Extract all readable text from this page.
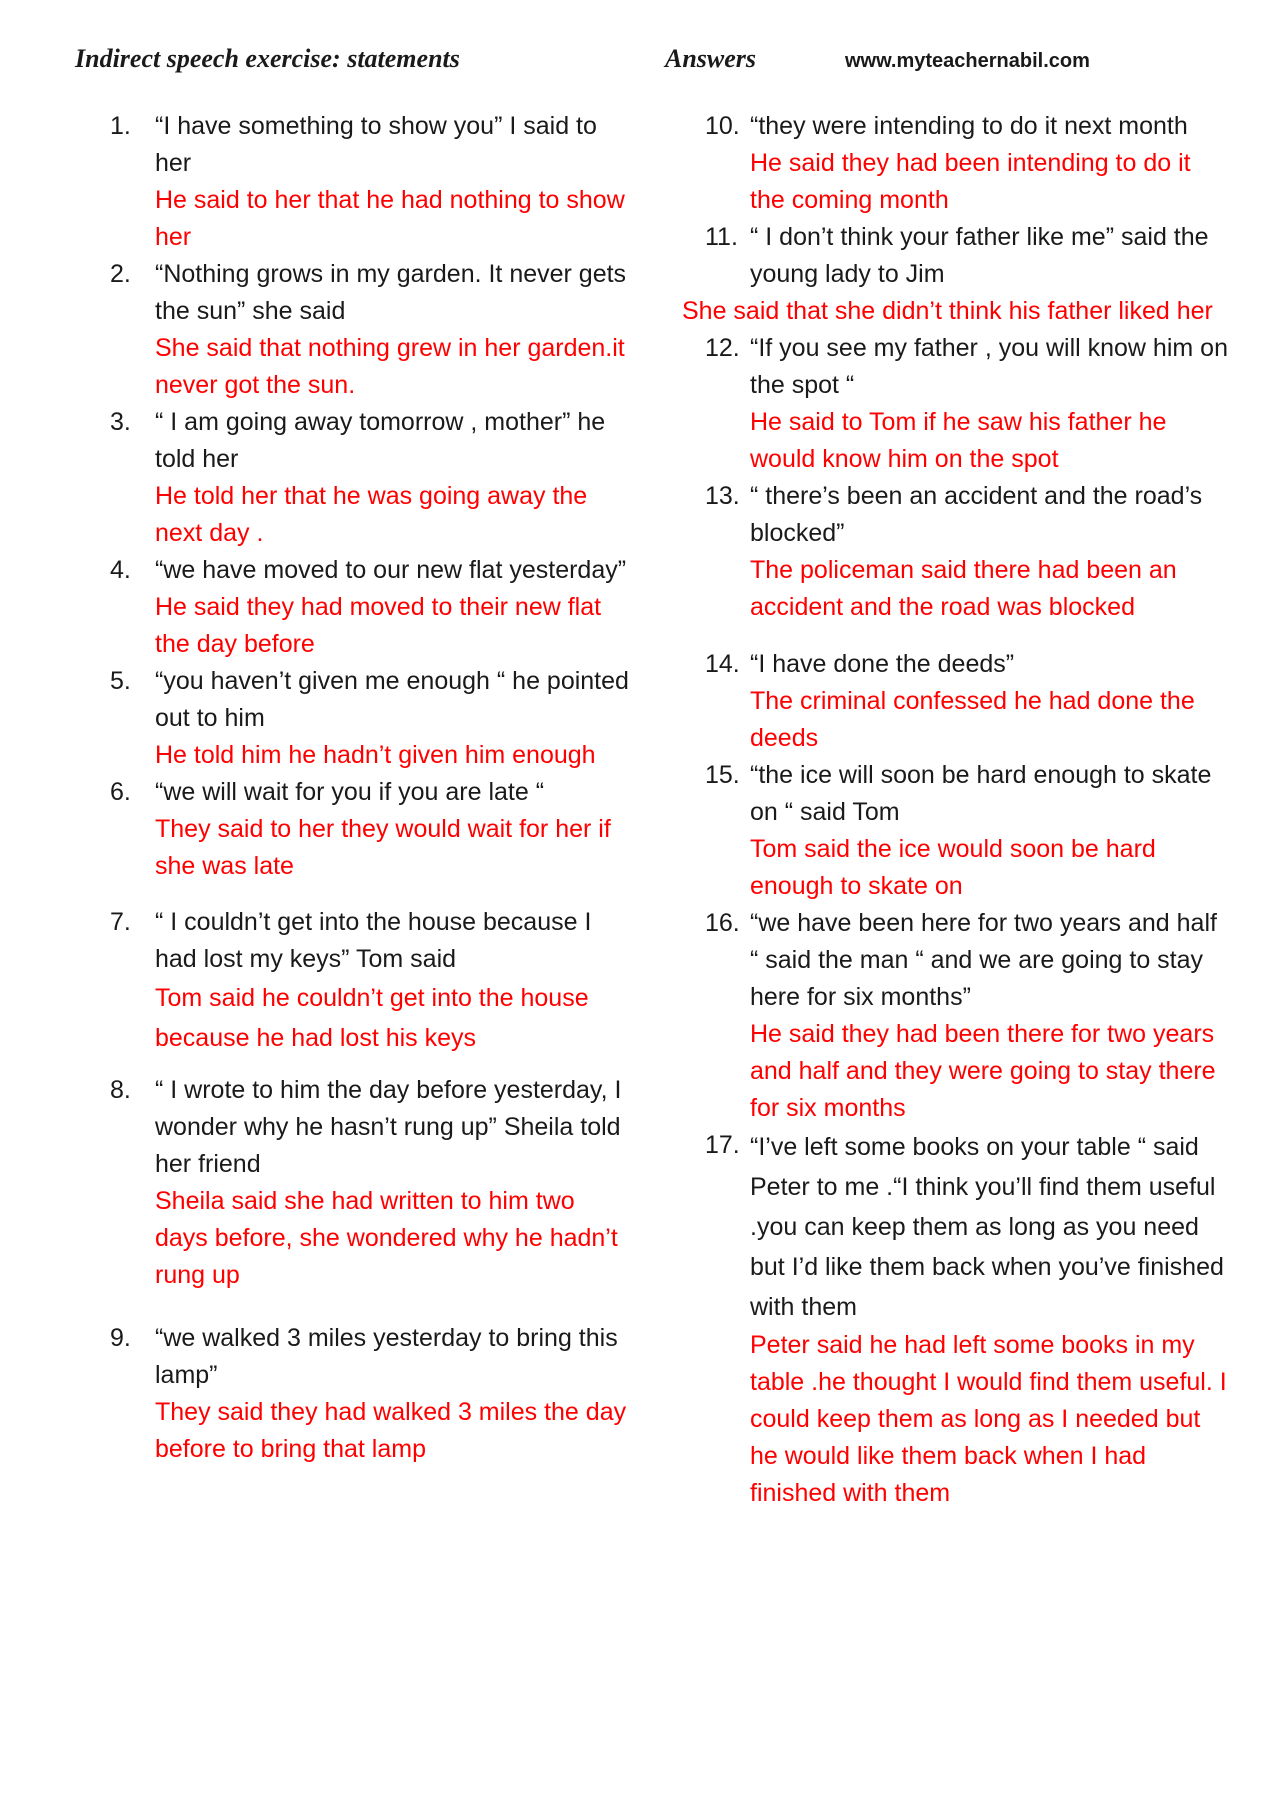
Indirect speech exercise: statements	Answers	www.myteachernabil.com
1. “I have something to show you” I said to her
He said to her that he had nothing to show her
2. “Nothing grows in my garden. It never gets the sun” she said
She said that nothing grew in her garden.it never got the sun.
3. “ I am going away tomorrow , mother” he told her
He told her that he was going away the next day .
4. “we have moved to our new flat yesterday”
He said they had moved to their new flat the day before
5. “you haven’t given me enough “ he pointed out to him
He told him he hadn’t given him enough
6. “we will wait for you if you are late “
They said to her they would wait for her if she was late
7. “ I couldn’t get into the house because I had lost my keys” Tom said
Tom said he couldn’t get into the house because he had lost his keys
8. “ I wrote to him the day before yesterday, I wonder why he hasn’t rung up” Sheila told her friend
Sheila said she had written to him two days before, she wondered why he hadn’t rung up
9. “we walked 3 miles yesterday to bring this lamp”
They said they had walked 3 miles the day before to bring that lamp
10. “they were intending to do it next month
He said they had been intending to do it the coming month
11. “ I don’t think your father like me” said the young lady to Jim
She said that she didn’t think his father liked her
12. “If you see my father , you will know him on the spot “
He said to Tom if he saw his father he would know him on the spot
13. “ there’s been an accident and the road’s blocked”
The policeman said there had been an accident and the road was blocked
14. “I have done the deeds”
The criminal confessed he had done the deeds
15. “the ice will soon be hard enough to skate on “ said Tom
Tom said the ice would soon be hard enough to skate on
16. “we have been here for two years and half “ said the man “ and we are going to stay here for six months”
He said they had been there for two years and half and they were going to stay there for six months
17. “I’ve left some books on your table “ said Peter to me .“I think you’ll find them useful .you can keep them as long as you need but I’d like them back when you’ve finished with them
Peter said he had left some books in my table .he thought I would find them useful. I could keep them as long as I needed but he would like them back when I had finished with them
